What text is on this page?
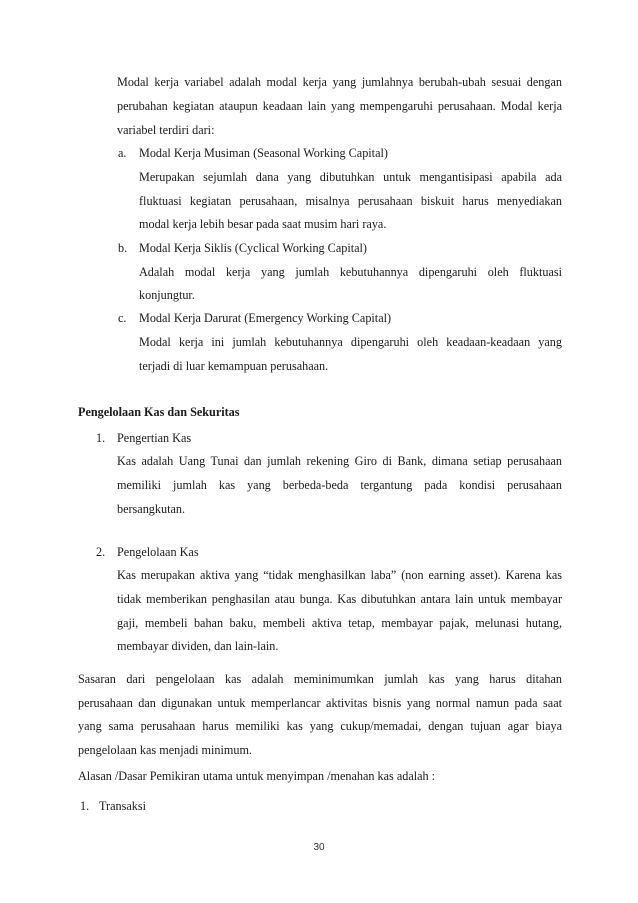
Modal kerja variabel adalah modal kerja yang jumlahnya berubah-ubah sesuai dengan

perubahan kegiatan ataupun keadaan lain yang mempengaruhi perusahaan. Modal kerja

variabel terdiri dari:

a. Modal Kerja Musiman (Seasonal Working Capital)

Merupakan sejumlah dana yang dibutuhkan untuk mengantisipasi apabila ada

fluktuasi kegiatan perusahaan, misalnya perusahaan biskuit harus menyediakan

modal kerja lebih besar pada saat musim hari raya.

b. Modal Kerja Siklis (Cyclical Working Capital)

Adalah modal kerja yang jumlah kebutuhannya dipengaruhi oleh fluktuasi

konjungtur.

c. Modal Kerja Darurat (Emergency Working Capital)

Modal kerja ini jumlah kebutuhannya dipengaruhi oleh keadaan-keadaan yang

terjadi di luar kemampuan perusahaan.

Pengelolaan Kas dan Sekuritas

1. Pengertian Kas

Kas adalah Uang Tunai dan jumlah rekening Giro di Bank, dimana setiap perusahaan

memiliki jumlah kas yang berbeda-beda tergantung pada kondisi perusahaan

bersangkutan.

2. Pengelolaan Kas

Kas merupakan aktiva yang “tidak menghasilkan laba” (non earning asset). Karena kas

tidak memberikan penghasilan atau bunga. Kas dibutuhkan antara lain untuk membayar

gaji, membeli bahan baku, membeli aktiva tetap, membayar pajak, melunasi hutang,

membayar dividen, dan lain-lain.

Sasaran dari pengelolaan kas adalah meminimumkan jumlah kas yang harus ditahan

perusahaan dan digunakan untuk memperlancar aktivitas bisnis yang normal namun pada saat

yang sama perusahaan harus memiliki kas yang cukup/memadai, dengan tujuan agar biaya

pengelolaan kas menjadi minimum.

Alasan /Dasar Pemikiran utama untuk menyimpan /menahan kas adalah :

1. Transaksi

30
